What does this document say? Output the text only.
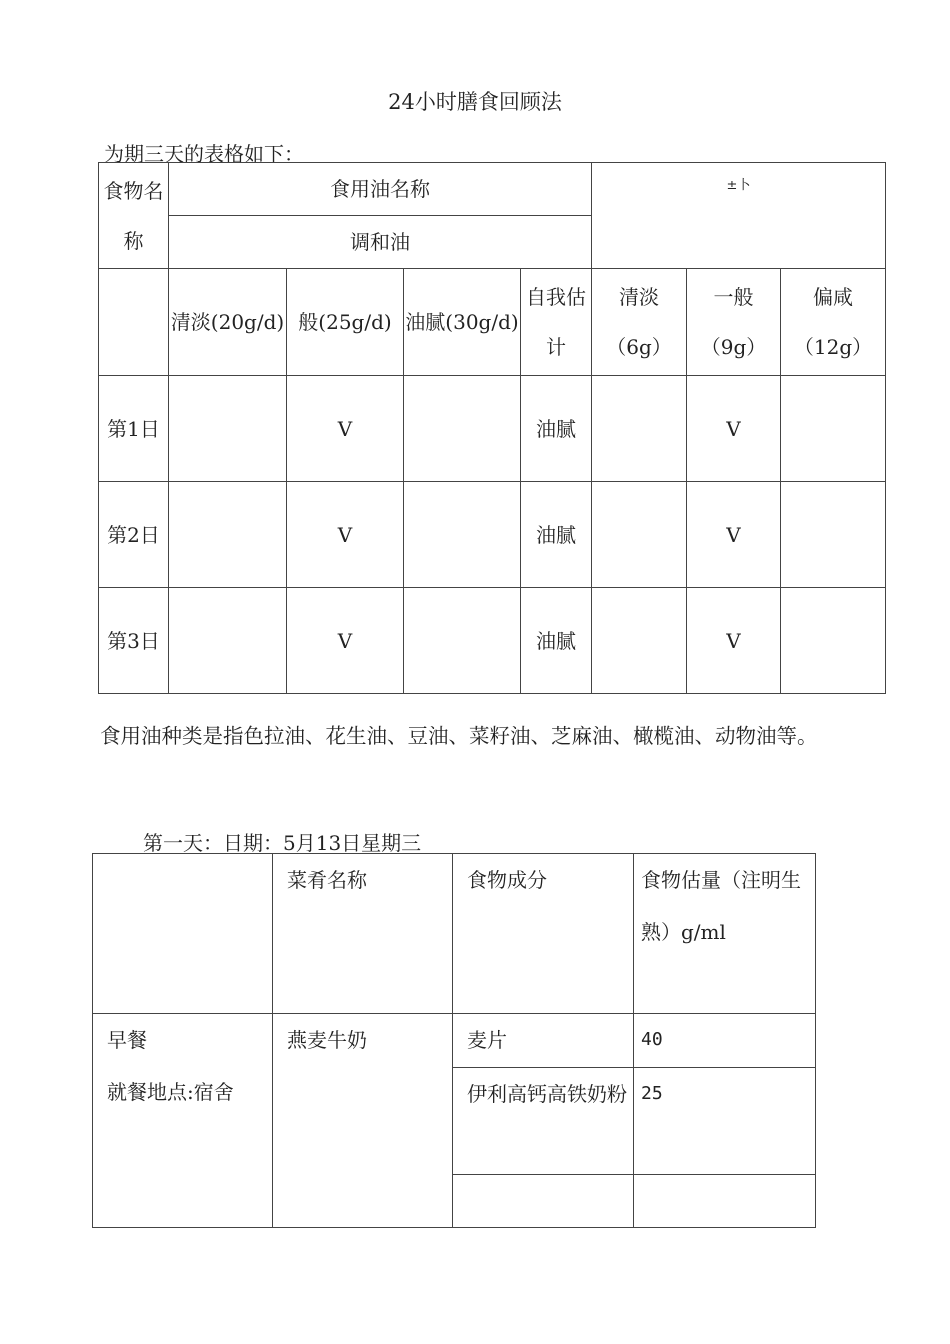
24小时膳食回顾法
为期三天的表格如下：
食物名称	食用油名称				±卜		
	调和油						
	清淡(20g/d)	般(25g/d)	油腻(30g/d)	自我估计	清淡（6g）	一般（9g）	偏咸（12g）
第1日		V		油腻		V	
第2日		V		油腻		V	
第3日		V		油腻		V	
食用油种类是指色拉油、花生油、豆油、菜籽油、芝麻油、橄榄油、动物油等。
第一天：日期：5月13日星期三
	菜肴名称	食物成分	食物估量（注明生熟）g/ml

早餐
就餐地点:宿舍	燕麦牛奶	麦片	40
		伊利高钙高铁奶粉	25
